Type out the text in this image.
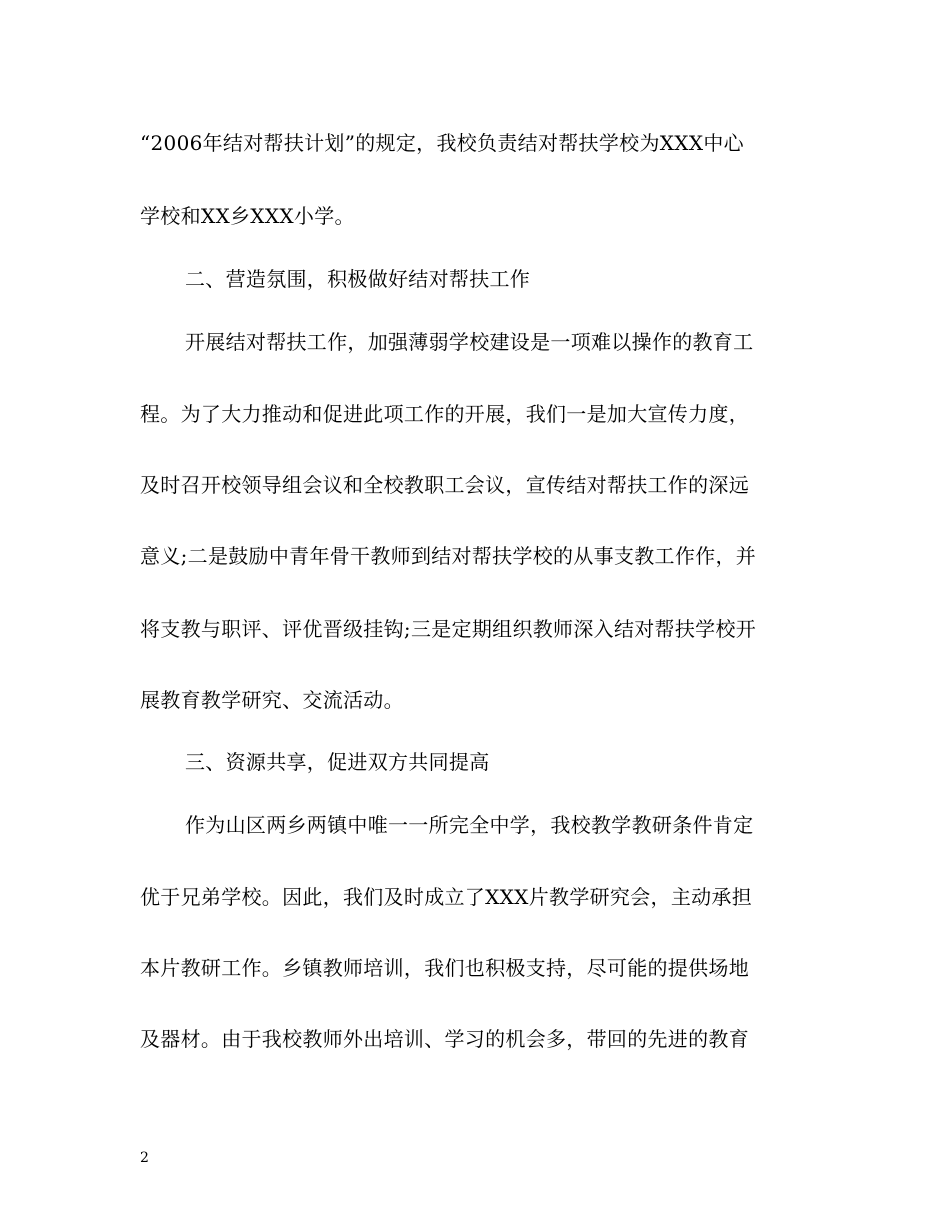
“2006年结对帮扶计划”的规定，我校负责结对帮扶学校为XXX中心
学校和XX乡XXX小学。
二、营造氛围，积极做好结对帮扶工作
开展结对帮扶工作，加强薄弱学校建设是一项难以操作的教育工
程。为了大力推动和促进此项工作的开展，我们一是加大宣传力度，
及时召开校领导组会议和全校教职工会议，宣传结对帮扶工作的深远
意义;二是鼓励中青年骨干教师到结对帮扶学校的从事支教工作作，并
将支教与职评、评优晋级挂钩;三是定期组织教师深入结对帮扶学校开
展教育教学研究、交流活动。
三、资源共享，促进双方共同提高
作为山区两乡两镇中唯一一所完全中学，我校教学教研条件肯定
优于兄弟学校。因此，我们及时成立了XXX片教学研究会，主动承担
本片教研工作。乡镇教师培训，我们也积极支持，尽可能的提供场地
及器材。由于我校教师外出培训、学习的机会多，带回的先进的教育
2
